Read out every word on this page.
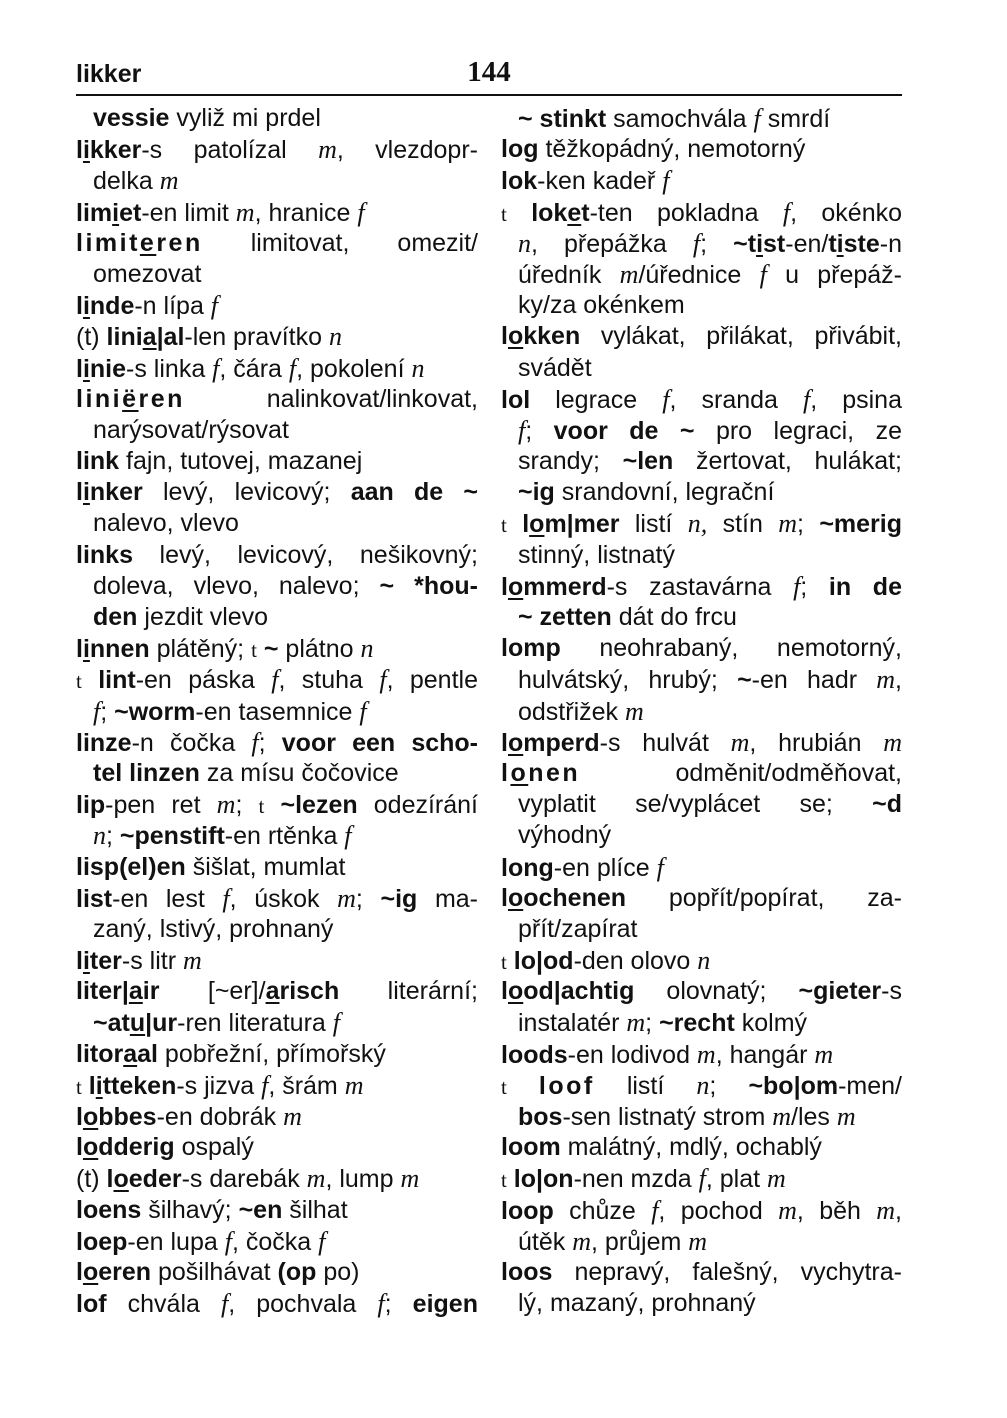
likker	144
vessie vyliž mi prdel
likker-s patolízal m, vlezdopr-
delka m
limiet-en limit m, hranice f
limiteren limitovat, omezit/
omezovat
linde-n lípa f
(t) linia|al-len pravítko n
linie-s linka f, čára f, pokolení n
liniëren nalinkovat/linkovat,
narýsovat/rýsovat
link fajn, tutovej, mazanej
linker levý, levicový; aan de ~
nalevo, vlevo
links levý, levicový, nešikovný;
doleva, vlevo, nalevo; ~ *hou-
den jezdit vlevo
linnen plátěný; t ~ plátno n
t lint-en páska f, stuha f, pentle
f; ~worm-en tasemnice f
linze-n čočka f; voor een scho-
tel linzen za mísu čočovice
lip-pen ret m; t ~lezen odezírání
n; ~penstift-en rtěnka f
lisp(el)en šišlat, mumlat
list-en lest f, úskok m; ~ig ma-
zaný, lstivý, prohnaný
liter-s litr m
liter|air [~er]/arisch literární;
~atu|ur-ren literatura f
litoraal pobřežní, přímořský
t litteken-s jizva f, šrám m
lobbes-en dobrák m
lodderig ospalý
(t) loeder-s darebák m, lump m
loens šilhavý; ~en šilhat
loep-en lupa f, čočka f
loeren pošilhávat (op po)
lof chvála f, pochvala f; eigen
~ stinkt samochvála f smrdí
log těžkopádný, nemotorný
lok-ken kadeř f
t loket-ten pokladna f, okénko
n, přepážka f; ~tist-en/tiste-n
úředník m/úřednice f u přepáž-
ky/za okénkem
lokken vylákat, přilákat, přivábit,
svádět
lol legrace f, sranda f, psina
f; voor de ~ pro legraci, ze
srandy; ~len žertovat, hulákat;
~ig srandovní, legrační
t lom|mer listí n, stín m; ~merig
stinný, listnatý
lommerd-s zastavárna f; in de
~ zetten dát do frcu
lomp neohrabaný, nemotorný,
hulvátský, hrubý; ~-en hadr m,
odstřižek m
lomperd-s hulvát m, hrubián m
lonen odměnit/odměňovat,
vyplatit se/vyplácet se; ~d
výhodný
long-en plíce f
loochenen popřít/popírat, za-
přít/zapírat
t lo|od-den olovo n
lood|achtig olovnatý; ~gieter-s
instalatér m; ~recht kolmý
loods-en lodivod m, hangár m
t loof listí n; ~bo|om-men/
bos-sen listnatý strom m/les m
loom malátný, mdlý, ochablý
t lo|on-nen mzda f, plat m
loop chůze f, pochod m, běh m,
útěk m, průjem m
loos nepravý, falešný, vychytra-
lý, mazaný, prohnaný
